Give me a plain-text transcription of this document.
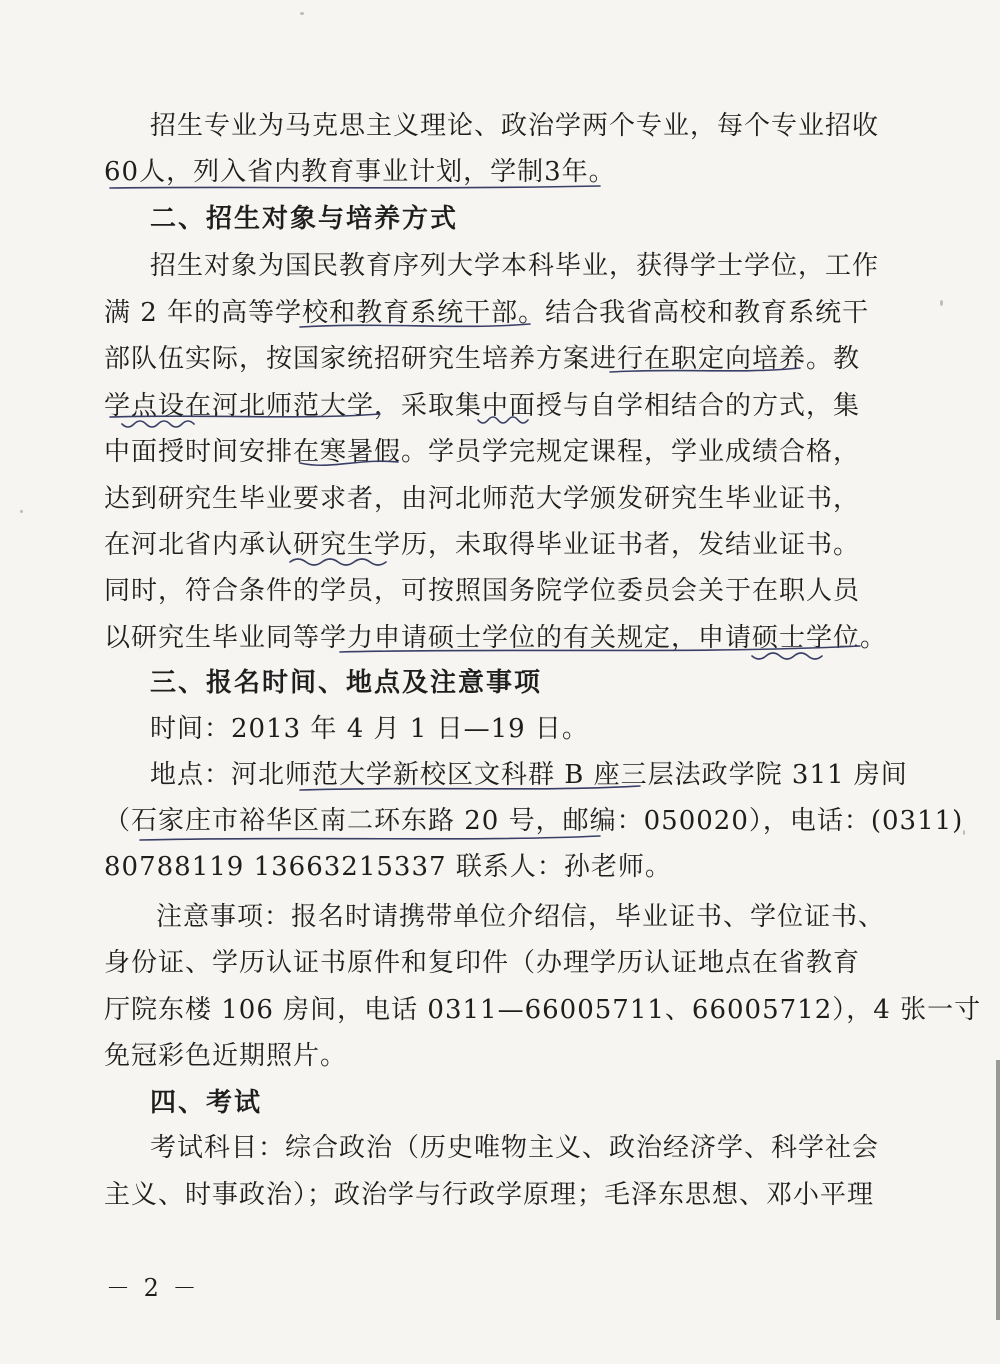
招生专业为马克思主义理论、政治学两个专业，每个专业招收

60人，列入省内教育事业计划，学制3年。

二、招生对象与培养方式

招生对象为国民教育序列大学本科毕业，获得学士学位，工作

满 2 年的高等学校和教育系统干部。结合我省高校和教育系统干

部队伍实际，按国家统招研究生培养方案进行在职定向培养。教

学点设在河北师范大学，采取集中面授与自学相结合的方式，集

中面授时间安排在寒暑假。学员学完规定课程，学业成绩合格，

达到研究生毕业要求者，由河北师范大学颁发研究生毕业证书，

在河北省内承认研究生学历，未取得毕业证书者，发结业证书。

同时，符合条件的学员，可按照国务院学位委员会关于在职人员

以研究生毕业同等学力申请硕士学位的有关规定，申请硕士学位。

三、报名时间、地点及注意事项

时间：2013 年 4 月 1 日—19 日。

地点：河北师范大学新校区文科群 B 座三层法政学院 311 房间

（石家庄市裕华区南二环东路 20 号，邮编：050020），电话：(0311)

80788119 13663215337 联系人：孙老师。

注意事项：报名时请携带单位介绍信，毕业证书、学位证书、

身份证、学历认证书原件和复印件（办理学历认证地点在省教育

厅院东楼 106 房间，电话 0311—66005711、66005712），4 张一寸

免冠彩色近期照片。

四、考试

考试科目：综合政治（历史唯物主义、政治经济学、科学社会

主义、时事政治）；政治学与行政学原理；毛泽东思想、邓小平理

－ 2 －
